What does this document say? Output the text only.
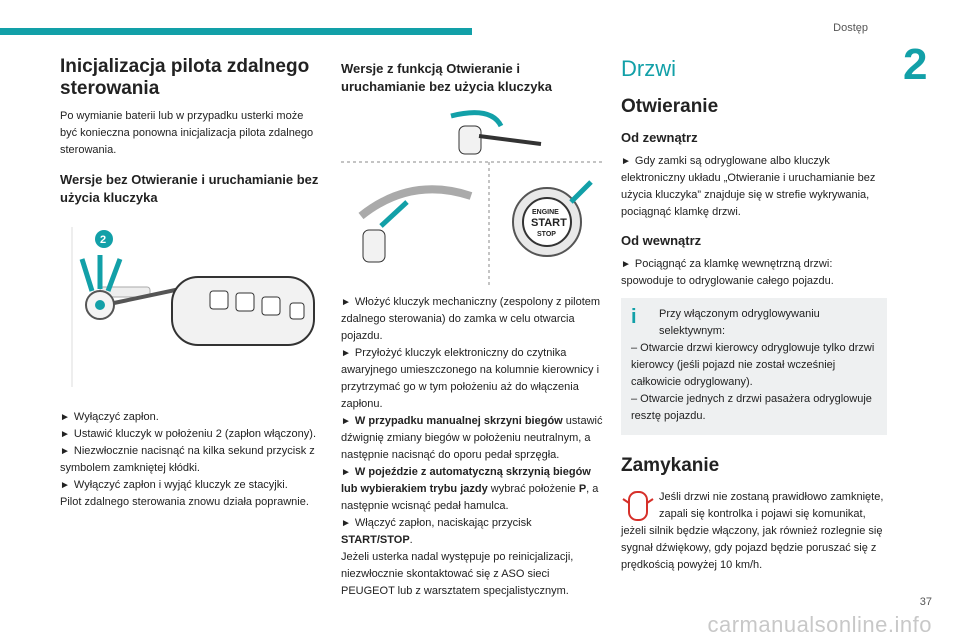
Dostęp
2
Inicjalizacja pilota zdalnego sterowania

Po wymianie baterii lub w przypadku usterki może być konieczna ponowna inicjalizacja pilota zdalnego sterowania.

Wersje bez Otwieranie i uruchamianie bez użycia kluczyka
2

► Wyłączyć zapłon.

► Ustawić kluczyk w położeniu 2 (zapłon włączony).

► Niezwłocznie nacisnąć na kilka sekund przycisk z symbolem zamkniętej kłódki.

► Wyłączyć zapłon i wyjąć kluczyk ze stacyjki.

Pilot zdalnego sterowania znowu działa poprawnie.

Wersje z funkcją Otwieranie i uruchamianie bez użycia kluczyka
ENGINE
START
STOP

► Włożyć kluczyk mechaniczny (zespolony z pilotem zdalnego sterowania) do zamka w celu otwarcia pojazdu.

► Przyłożyć kluczyk elektroniczny do czytnika awaryjnego umieszczonego na kolumnie kierownicy i przytrzymać go w tym położeniu aż do włączenia zapłonu.

► W przypadku manualnej skrzyni biegów ustawić dźwignię zmiany biegów w położeniu neutralnym, a następnie nacisnąć do oporu pedał sprzęgła.

► W pojeździe z automatyczną skrzynią biegów lub wybierakiem trybu jazdy wybrać położenie P, a następnie wcisnąć pedał hamulca.

► Włączyć zapłon, naciskając przycisk START/STOP.

Jeżeli usterka nadal występuje po reinicjalizacji, niezwłocznie skontaktować się z ASO sieci PEUGEOT lub z warsztatem specjalistycznym.

Drzwi
Otwieranie
Od zewnątrz

► Gdy zamki są odryglowane albo kluczyk elektroniczny układu „Otwieranie i uruchamianie bez użycia kluczyka” znajduje się w strefie wykrywania, pociągnąć klamkę drzwi.

Od wewnątrz

► Pociągnąć za klamkę wewnętrzną drzwi: spowoduje to odryglowanie całego pojazdu.

i	Przy włączonym odryglowywaniu selektywnym:

– Otwarcie drzwi kierowcy odryglowuje tylko drzwi kierowcy (jeśli pojazd nie został wcześniej całkowicie odryglowany).

– Otwarcie jednych z drzwi pasażera odryglowuje resztę pojazdu.

Zamykanie

Jeśli drzwi nie zostaną prawidłowo zamknięte, zapali się kontrolka i pojawi się komunikat, jeżeli silnik będzie włączony, jak również rozlegnie się sygnał dźwiękowy, gdy pojazd będzie poruszać się z prędkością powyżej 10 km/h.

carmanualsonline.info
37
